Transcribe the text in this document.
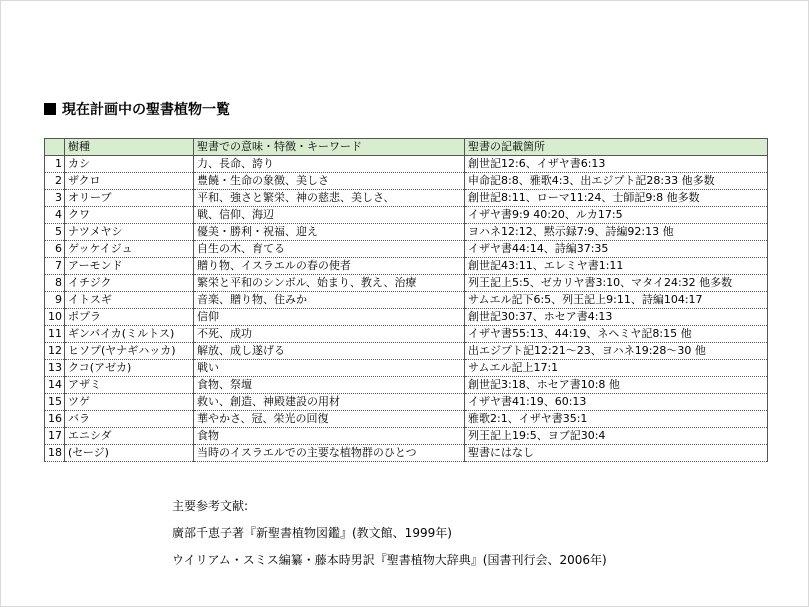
現在計画中の聖書植物一覧
	樹種	聖書での意味・特徴・キーワード	聖書の記載箇所
1	カシ	力、長命、誇り	創世記12:6、イザヤ書6:13
2	ザクロ	豊饒・生命の象徴、美しさ	申命記8:8、雅歌4:3、出エジプト記28:33 他多数
3	オリーブ	平和、強さと繁栄、神の慈悲、美しさ、	創世記8:11、ローマ11:24、士師記9:8 他多数
4	クワ	戦、信仰、海辺	イザヤ書9:9 40:20、ルカ17:5
5	ナツメヤシ	優美・勝利・祝福、迎え	ヨハネ12:12、黙示録7:9、詩編92:13 他
6	ゲッケイジュ	自生の木、育てる	イザヤ書44:14、詩編37:35
7	アーモンド	贈り物、イスラエルの春の使者	創世記43:11、エレミヤ書1:11
8	イチジク	繁栄と平和のシンボル、始まり、教え、治療	列王記上5:5、ゼカリヤ書3:10、マタイ24:32 他多数
9	イトスギ	音楽、贈り物、住みか	サムエル記下6:5、列王記上9:11、詩編104:17
10	ポプラ	信仰	創世記30:37、ホセア書4:13
11	ギンバイカ(ミルトス)	不死、成功	イザヤ書55:13、44:19、ネヘミヤ記8:15 他
12	ヒソプ(ヤナギハッカ)	解放、成し遂げる	出エジプト記12:21～23、ヨハネ19:28～30 他
13	クコ(アゼカ)	戦い	サムエル記上17:1
14	アザミ	食物、祭壇	創世記3:18、ホセア書10:8 他
15	ツゲ	救い、創造、神殿建設の用材	イザヤ書41:19、60:13
16	バラ	華やかさ、冠、栄光の回復	雅歌2:1、イザヤ書35:1
17	エニシダ	食物	列王記上19:5、ヨブ記30:4
18	(セージ)	当時のイスラエルでの主要な植物群のひとつ	聖書にはなし
主要参考文献:
廣部千恵子著『新聖書植物図鑑』(教文館、1999年)
ウイリアム・スミス編纂・藤本時男訳『聖書植物大辞典』(国書刊行会、2006年)
